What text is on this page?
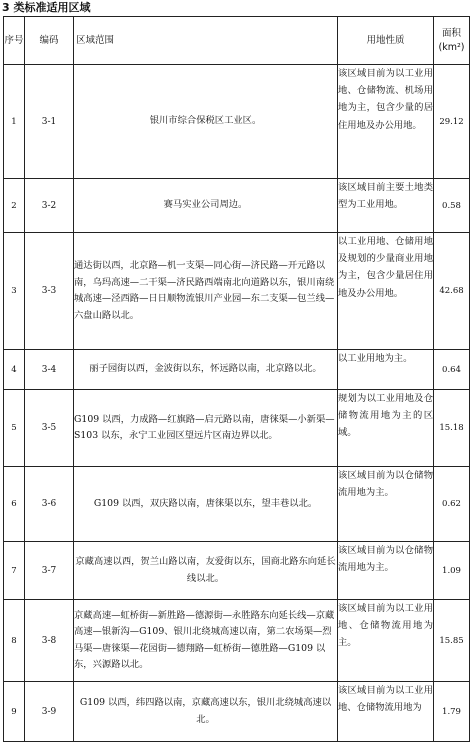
3 类标准适用区域
序号	编码	区域范围	用地性质	面积
(km²)

1	3-1	银川市综合保税区工业区。	该区域目前为以工业用地、仓储物流、机场用地为主，包含少量的居住用地及办公用地。	29.12
2	3-2	赛马实业公司周边。	该区域目前主要土地类型为工业用地。	0.58
3	3-3	通达街以西，北京路—机一支渠—同心街—济民路—开元路以南，乌玛高速—二干渠—济民路西端南北向道路以东，银川南绕城高速—泾西路—日日顺物流银川产业园—东二支渠—包兰线—六盘山路以北。	以工业用地、仓储用地及规划的少量商业用地为主，包含少量居住用地及办公用地。	42.68
4	3-4	丽子园街以西，金波街以东，怀远路以南，北京路以北。	以工业用地为主。	0.64
5	3-5	G109 以西，力成路—红旗路—启元路以南，唐徕渠—小新渠—S103 以东，永宁工业园区望远片区南边界以北。	规划为以工业用地及仓储物流用地为主的区域。	15.18
6	3-6	G109 以西，双庆路以南，唐徕渠以东，望丰巷以北。	该区域目前为以仓储物流用地为主。	0.62
7	3-7	京藏高速以西，贺兰山路以南，友爱街以东，国商北路东向延长线以北。	该区域目前为以仓储物流用地为主。	1.09
8	3-8	京藏高速—虹桥街—新胜路—德源街—永胜路东向延长线—京藏高速—银新沟—G109、银川北绕城高速以南，第二农场渠—烈马渠—唐徕渠—花园街—德翔路—虹桥街—德胜路—G109 以东，兴源路以北。	该区域目前为以工业用地、仓储物流用地为主。	15.85
9	3-9	G109 以西，纬四路以南，京藏高速以东，银川北绕城高速以北。	该区域目前为以工业用地、仓储物流用地为	1.79
